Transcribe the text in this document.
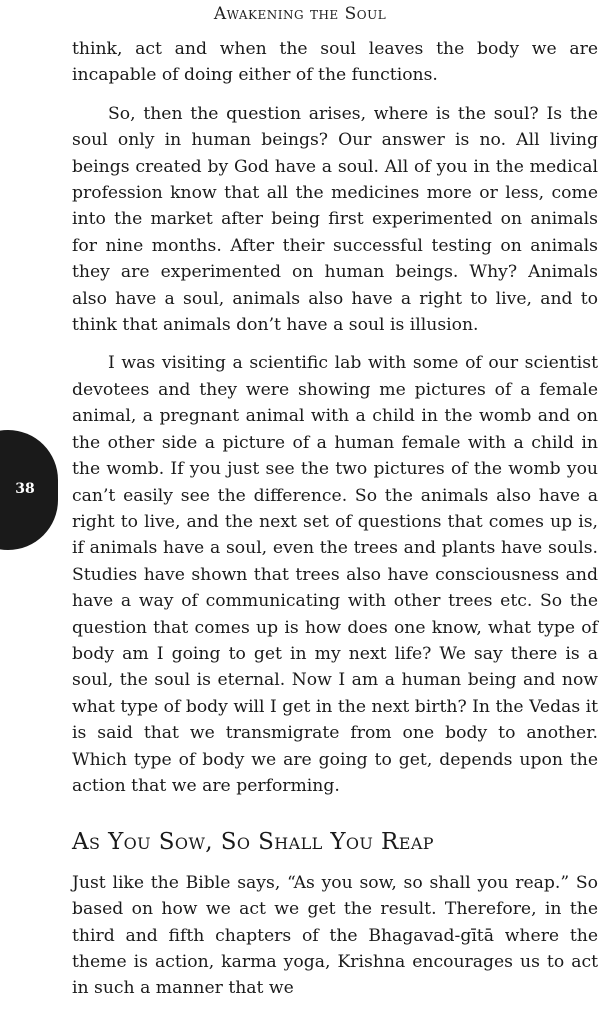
Awakening the Soul
38

think, act and when the soul leaves the body we are incapable of doing either of the functions.

So, then the question arises, where is the soul? Is the soul only in human beings? Our answer is no. All living beings created by God have a soul. All of you in the medical profession know that all the medicines more or less, come into the market after being first experimented on animals for nine months. After their successful testing on animals they are experimented on human beings. Why? Animals also have a soul, animals also have a right to live, and to think that animals don’t have a soul is illusion.

I was visiting a scientific lab with some of our scientist devotees and they were showing me pictures of a female animal, a pregnant animal with a child in the womb and on the other side a picture of a human female with a child in the womb. If you just see the two pictures of the womb you can’t easily see the difference. So the animals also have a right to live, and the next set of questions that comes up is, if animals have a soul, even the trees and plants have souls. Studies have shown that trees also have consciousness and have a way of communicating with other trees etc. So the question that comes up is how does one know, what type of body am I going to get in my next life? We say there is a soul, the soul is eternal. Now I am a human being and now what type of body will I get in the next birth? In the Vedas it is said that we transmigrate from one body to another. Which type of body we are going to get, depends upon the action that we are performing.

As You Sow, So Shall You Reap

Just like the Bible says, “As you sow, so shall you reap.” So based on how we act we get the result. Therefore, in the third and fifth chapters of the Bhagavad-gītā where the theme is action, karma yoga, Krishna encourages us to act in such a manner that we
